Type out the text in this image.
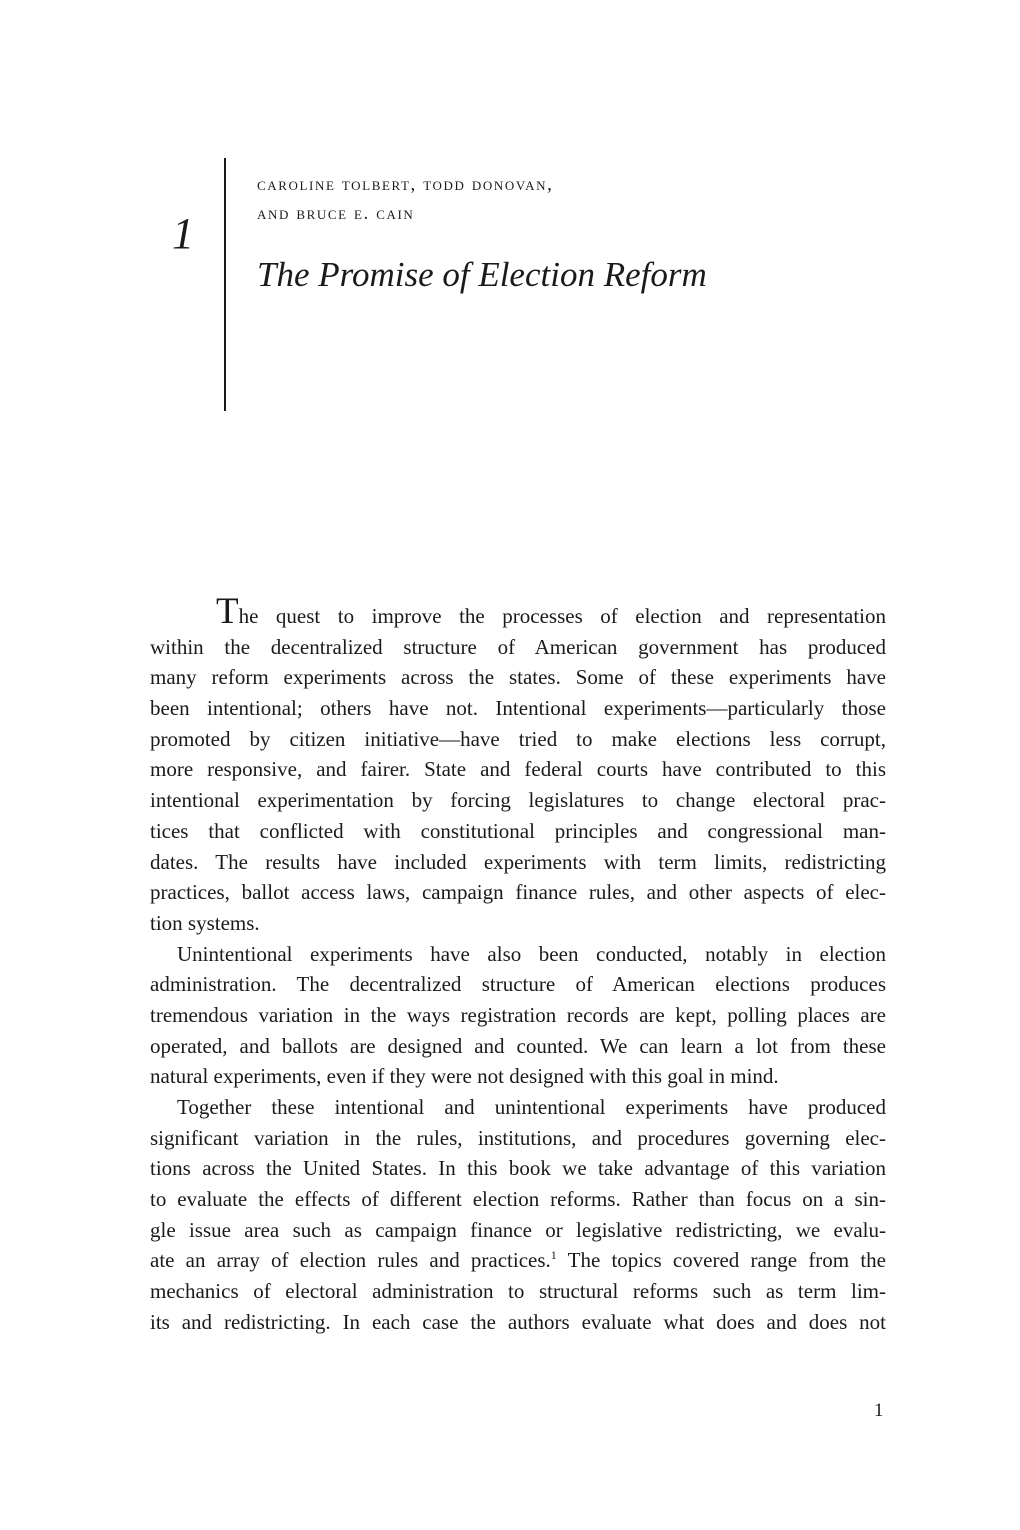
1
caroline tolbert, todd donovan,
and bruce e. cain
The Promise of Election Reform
The quest to improve the processes of election and representation
within the decentralized structure of American government has produced
many reform experiments across the states. Some of these experiments have
been intentional; others have not. Intentional experiments—particularly those
promoted by citizen initiative—have tried to make elections less corrupt,
more responsive, and fairer. State and federal courts have contributed to this
intentional experimentation by forcing legislatures to change electoral prac-
tices that conflicted with constitutional principles and congressional man-
dates. The results have included experiments with term limits, redistricting
practices, ballot access laws, campaign finance rules, and other aspects of elec-
tion systems.
Unintentional experiments have also been conducted, notably in election
administration. The decentralized structure of American elections produces
tremendous variation in the ways registration records are kept, polling places are
operated, and ballots are designed and counted. We can learn a lot from these
natural experiments, even if they were not designed with this goal in mind.
Together these intentional and unintentional experiments have produced
significant variation in the rules, institutions, and procedures governing elec-
tions across the United States. In this book we take advantage of this variation
to evaluate the effects of different election reforms. Rather than focus on a sin-
gle issue area such as campaign finance or legislative redistricting, we evalu-
ate an array of election rules and practices.$^1$ The topics covered range from the
mechanics of electoral administration to structural reforms such as term lim-
its and redistricting. In each case the authors evaluate what does and does not
1
